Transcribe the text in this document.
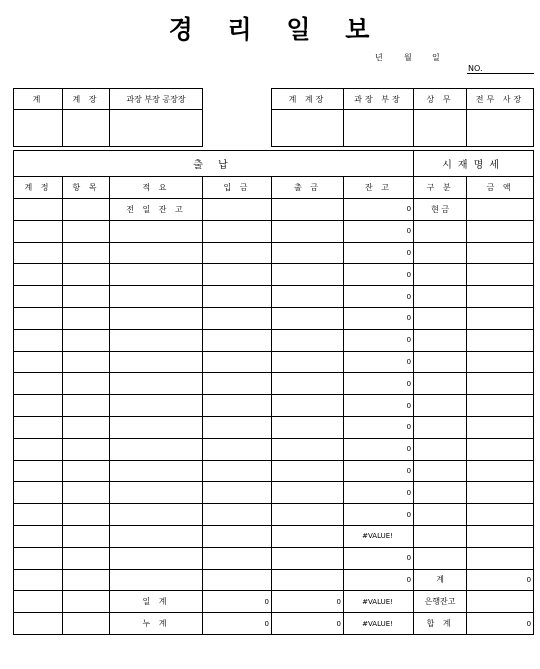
경 리 일 보
년	월	일
NO.
계	계 장	과장 부장 공장장		계 계장	과장 부장	상 무	전무 사장

출 납						시재명세	
계 정	항 목	적 요	입 금	출 금	잔 고	구 분	금 액
		전 일 잔 고			0	현 금	
					0		
					0		
					0		
					0		
					0		
					0		
					0		
					0		
					0		
					0		
					0		
					0		
					0		
					0		
					#VALUE!		
					0		
					0	계	0
		일 계	0	0	#VALUE!	은행잔고	
		누 계	0	0	#VALUE!	합 계	0
